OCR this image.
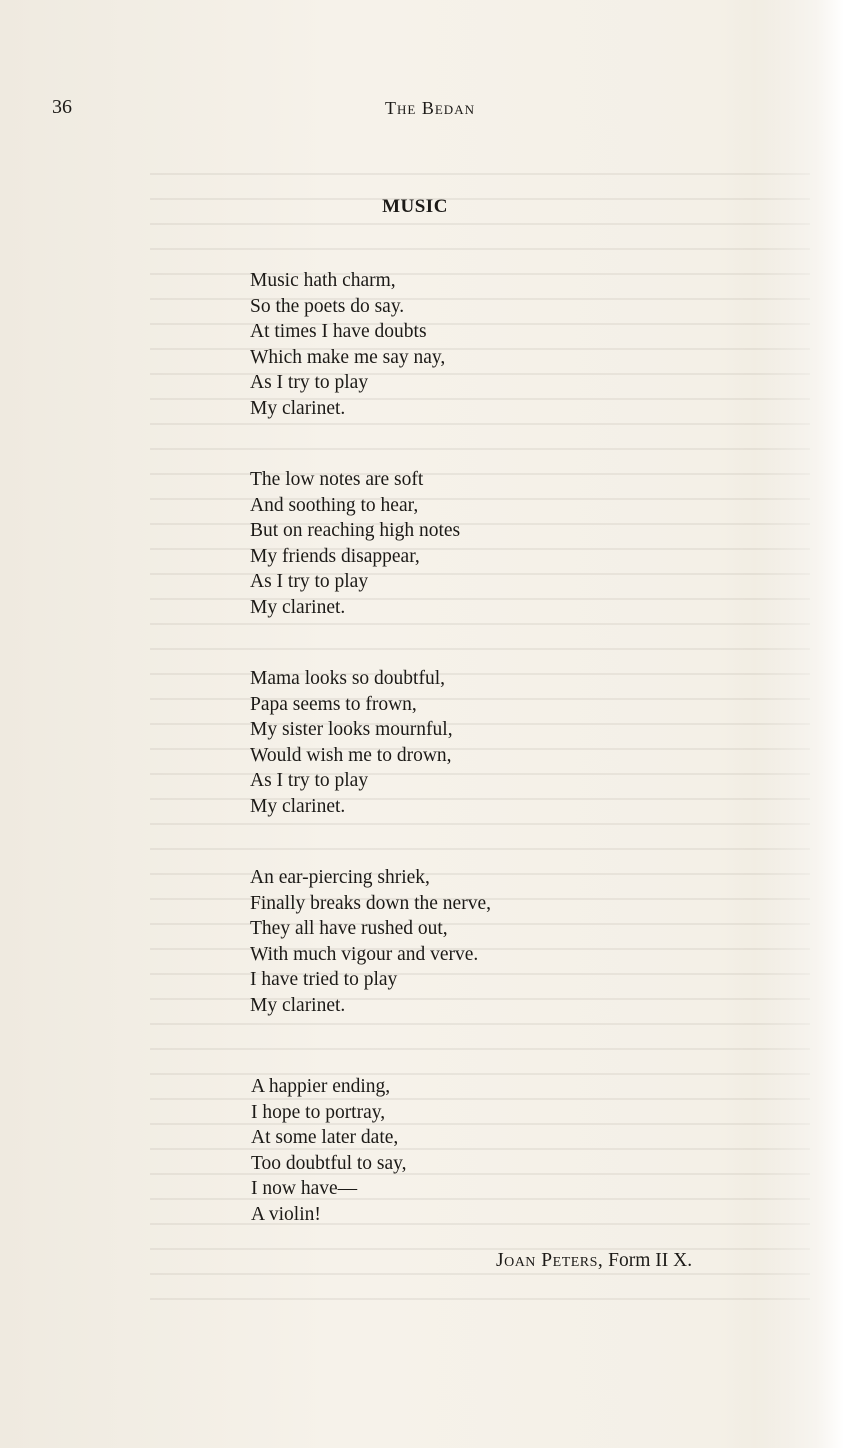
36	The Bedan
MUSIC
Music hath charm,
So the poets do say.
At times I have doubts
Which make me say nay,
As I try to play
My clarinet.
The low notes are soft
And soothing to hear,
But on reaching high notes
My friends disappear,
As I try to play
My clarinet.
Mama looks so doubtful,
Papa seems to frown,
My sister looks mournful,
Would wish me to drown,
As I try to play
My clarinet.
An ear-piercing shriek,
Finally breaks down the nerve,
They all have rushed out,
With much vigour and verve.
I have tried to play
My clarinet.
A happier ending,
I hope to portray,
At some later date,
Too doubtful to say,
I now have—
A violin!
Joan Peters, Form II X.
